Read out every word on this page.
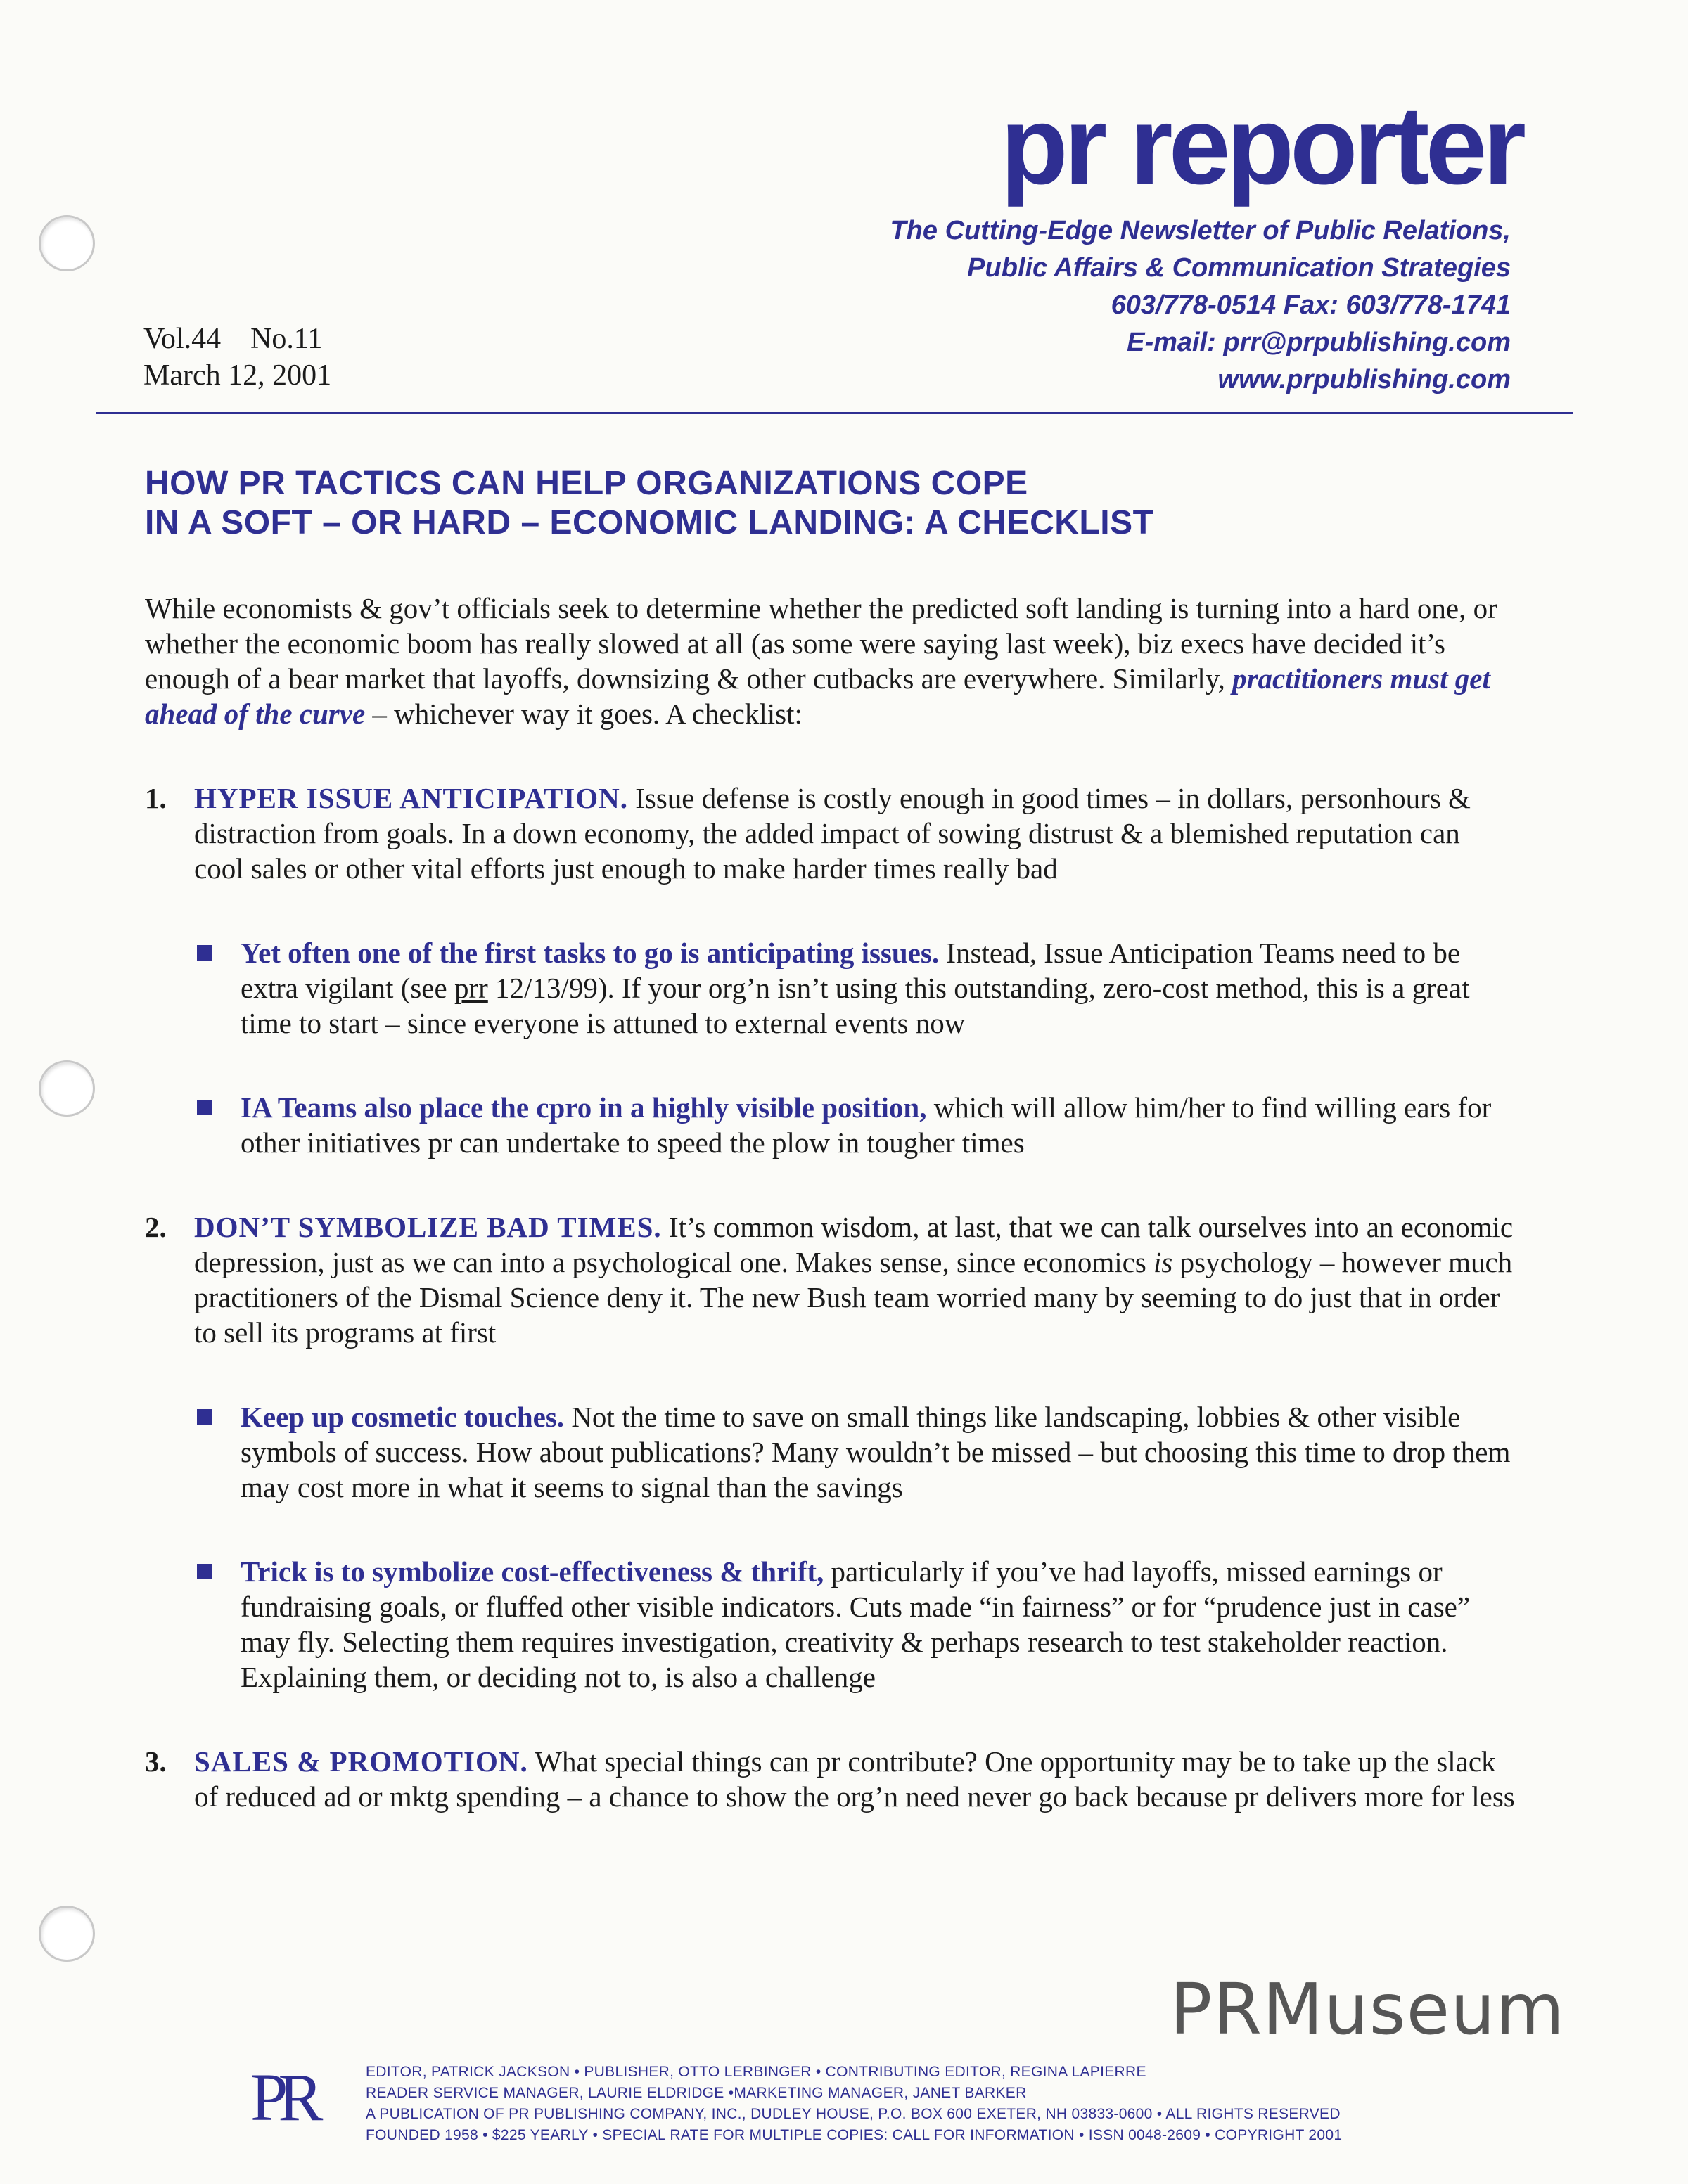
pr reporter
The Cutting-Edge Newsletter of Public Relations,
Public Affairs & Communication Strategies
603/778-0514 Fax: 603/778-1741
E-mail: prr@prpublishing.com
www.prpublishing.com
Vol.44    No.11
March 12, 2001
HOW PR TACTICS CAN HELP ORGANIZATIONS COPE
IN A SOFT – OR HARD – ECONOMIC LANDING: A CHECKLIST

While economists & gov’t officials seek to determine whether the predicted soft landing is turning into a hard one, or whether the economic boom has really slowed at all (as some were saying last week), biz execs have decided it’s enough of a bear market that layoffs, downsizing & other cutbacks are everywhere. Similarly, practitioners must get ahead of the curve – whichever way it goes. A checklist:

1. HYPER ISSUE ANTICIPATION. Issue defense is costly enough in good times – in dollars, personhours & distraction from goals. In a down economy, the added impact of sowing distrust & a blemished reputation can cool sales or other vital efforts just enough to make harder times really bad

Yet often one of the first tasks to go is anticipating issues. Instead, Issue Anticipation Teams need to be extra vigilant (see prr 12/13/99). If your org’n isn’t using this outstanding, zero-cost method, this is a great time to start – since everyone is attuned to external events now

IA Teams also place the cpro in a highly visible position, which will allow him/her to find willing ears for other initiatives pr can undertake to speed the plow in tougher times

2. DON’T SYMBOLIZE BAD TIMES. It’s common wisdom, at last, that we can talk ourselves into an economic depression, just as we can into a psychological one. Makes sense, since economics is psychology – however much practitioners of the Dismal Science deny it. The new Bush team worried many by seeming to do just that in order to sell its programs at first

Keep up cosmetic touches. Not the time to save on small things like landscaping, lobbies & other visible symbols of success. How about publications? Many wouldn’t be missed – but choosing this time to drop them may cost more in what it seems to signal than the savings

Trick is to symbolize cost-effectiveness & thrift, particularly if you’ve had layoffs, missed earnings or fundraising goals, or fluffed other visible indicators. Cuts made “in fairness” or for “prudence just in case” may fly. Selecting them requires investigation, creativity & perhaps research to test stakeholder reaction. Explaining them, or deciding not to, is also a challenge

3. SALES & PROMOTION. What special things can pr contribute? One opportunity may be to take up the slack of reduced ad or mktg spending – a chance to show the org’n need never go back because pr delivers more for less

PRMuseum
PR	EDITOR, PATRICK JACKSON • PUBLISHER, OTTO LERBINGER • CONTRIBUTING EDITOR, REGINA LAPIERRE
READER SERVICE MANAGER, LAURIE ELDRIDGE •MARKETING MANAGER, JANET BARKER
A PUBLICATION OF PR PUBLISHING COMPANY, INC., DUDLEY HOUSE, P.O. BOX 600 EXETER, NH 03833-0600 • ALL RIGHTS RESERVED
FOUNDED 1958 • $225 YEARLY • SPECIAL RATE FOR MULTIPLE COPIES: CALL FOR INFORMATION • ISSN 0048-2609 • COPYRIGHT 2001
